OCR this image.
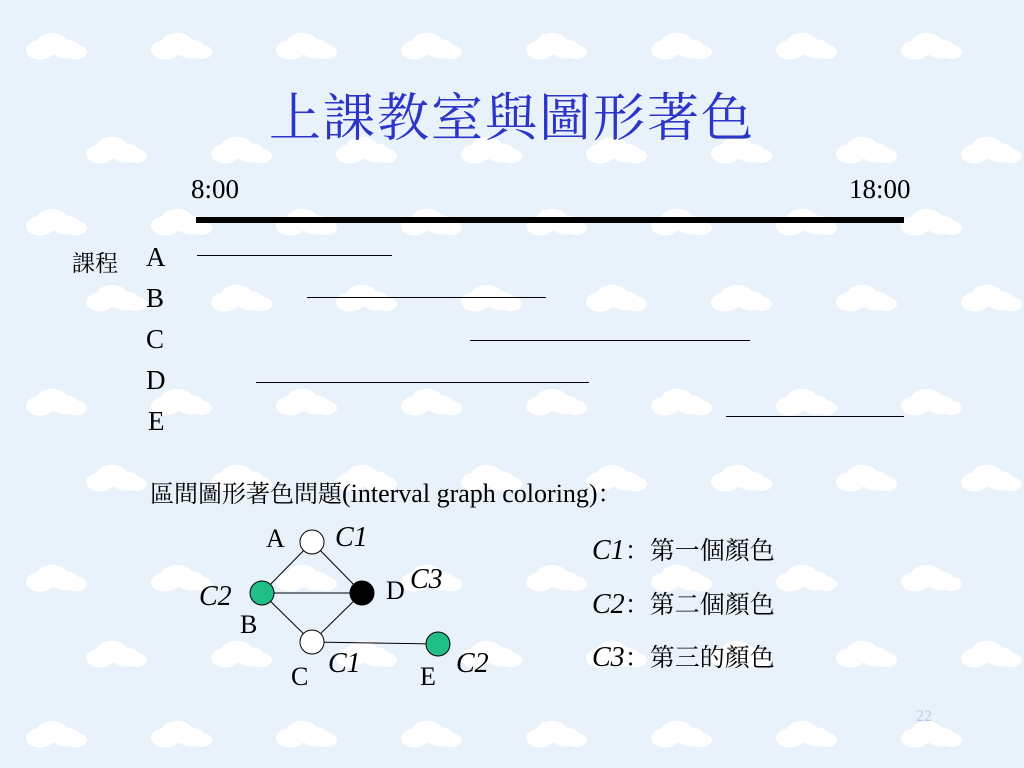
上課教室與圖形著色
8:00	18:00
課程 A
B
C
D
E
區間圖形著色問題(interval graph coloring)：
A C1
C2
B
D C3
C C1 E C2
C1：第一個顏色
C2：第二個顏色
C3：第三的顏色
22
